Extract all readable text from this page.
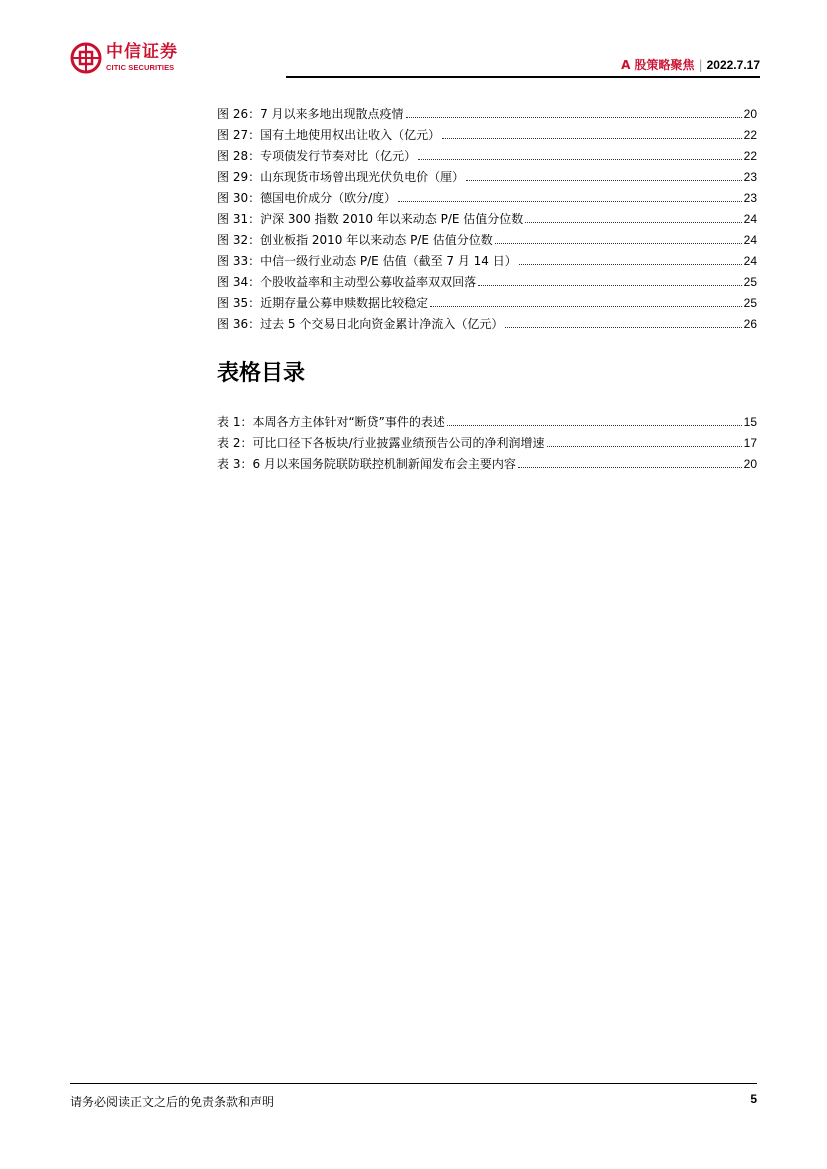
中信证券
CITIC SECURITIES	A 股策略聚焦 | 2022.7.17
图 26：7 月以来多地出现散点疫情	20
图 27：国有土地使用权出让收入（亿元）	22
图 28：专项债发行节奏对比（亿元）	22
图 29：山东现货市场曾出现光伏负电价（厘）	23
图 30：德国电价成分（欧分/度）	23
图 31：沪深 300 指数 2010 年以来动态 P/E 估值分位数	24
图 32：创业板指 2010 年以来动态 P/E 估值分位数	24
图 33：中信一级行业动态 P/E 估值（截至 7 月 14 日）	24
图 34：个股收益率和主动型公募收益率双双回落	25
图 35：近期存量公募申赎数据比较稳定	25
图 36：过去 5 个交易日北向资金累计净流入（亿元）	26
表格目录
表 1：本周各方主体针对“断贷”事件的表述	15
表 2：可比口径下各板块/行业披露业绩预告公司的净利润增速	17
表 3：6 月以来国务院联防联控机制新闻发布会主要内容	20
请务必阅读正文之后的免责条款和声明	5
